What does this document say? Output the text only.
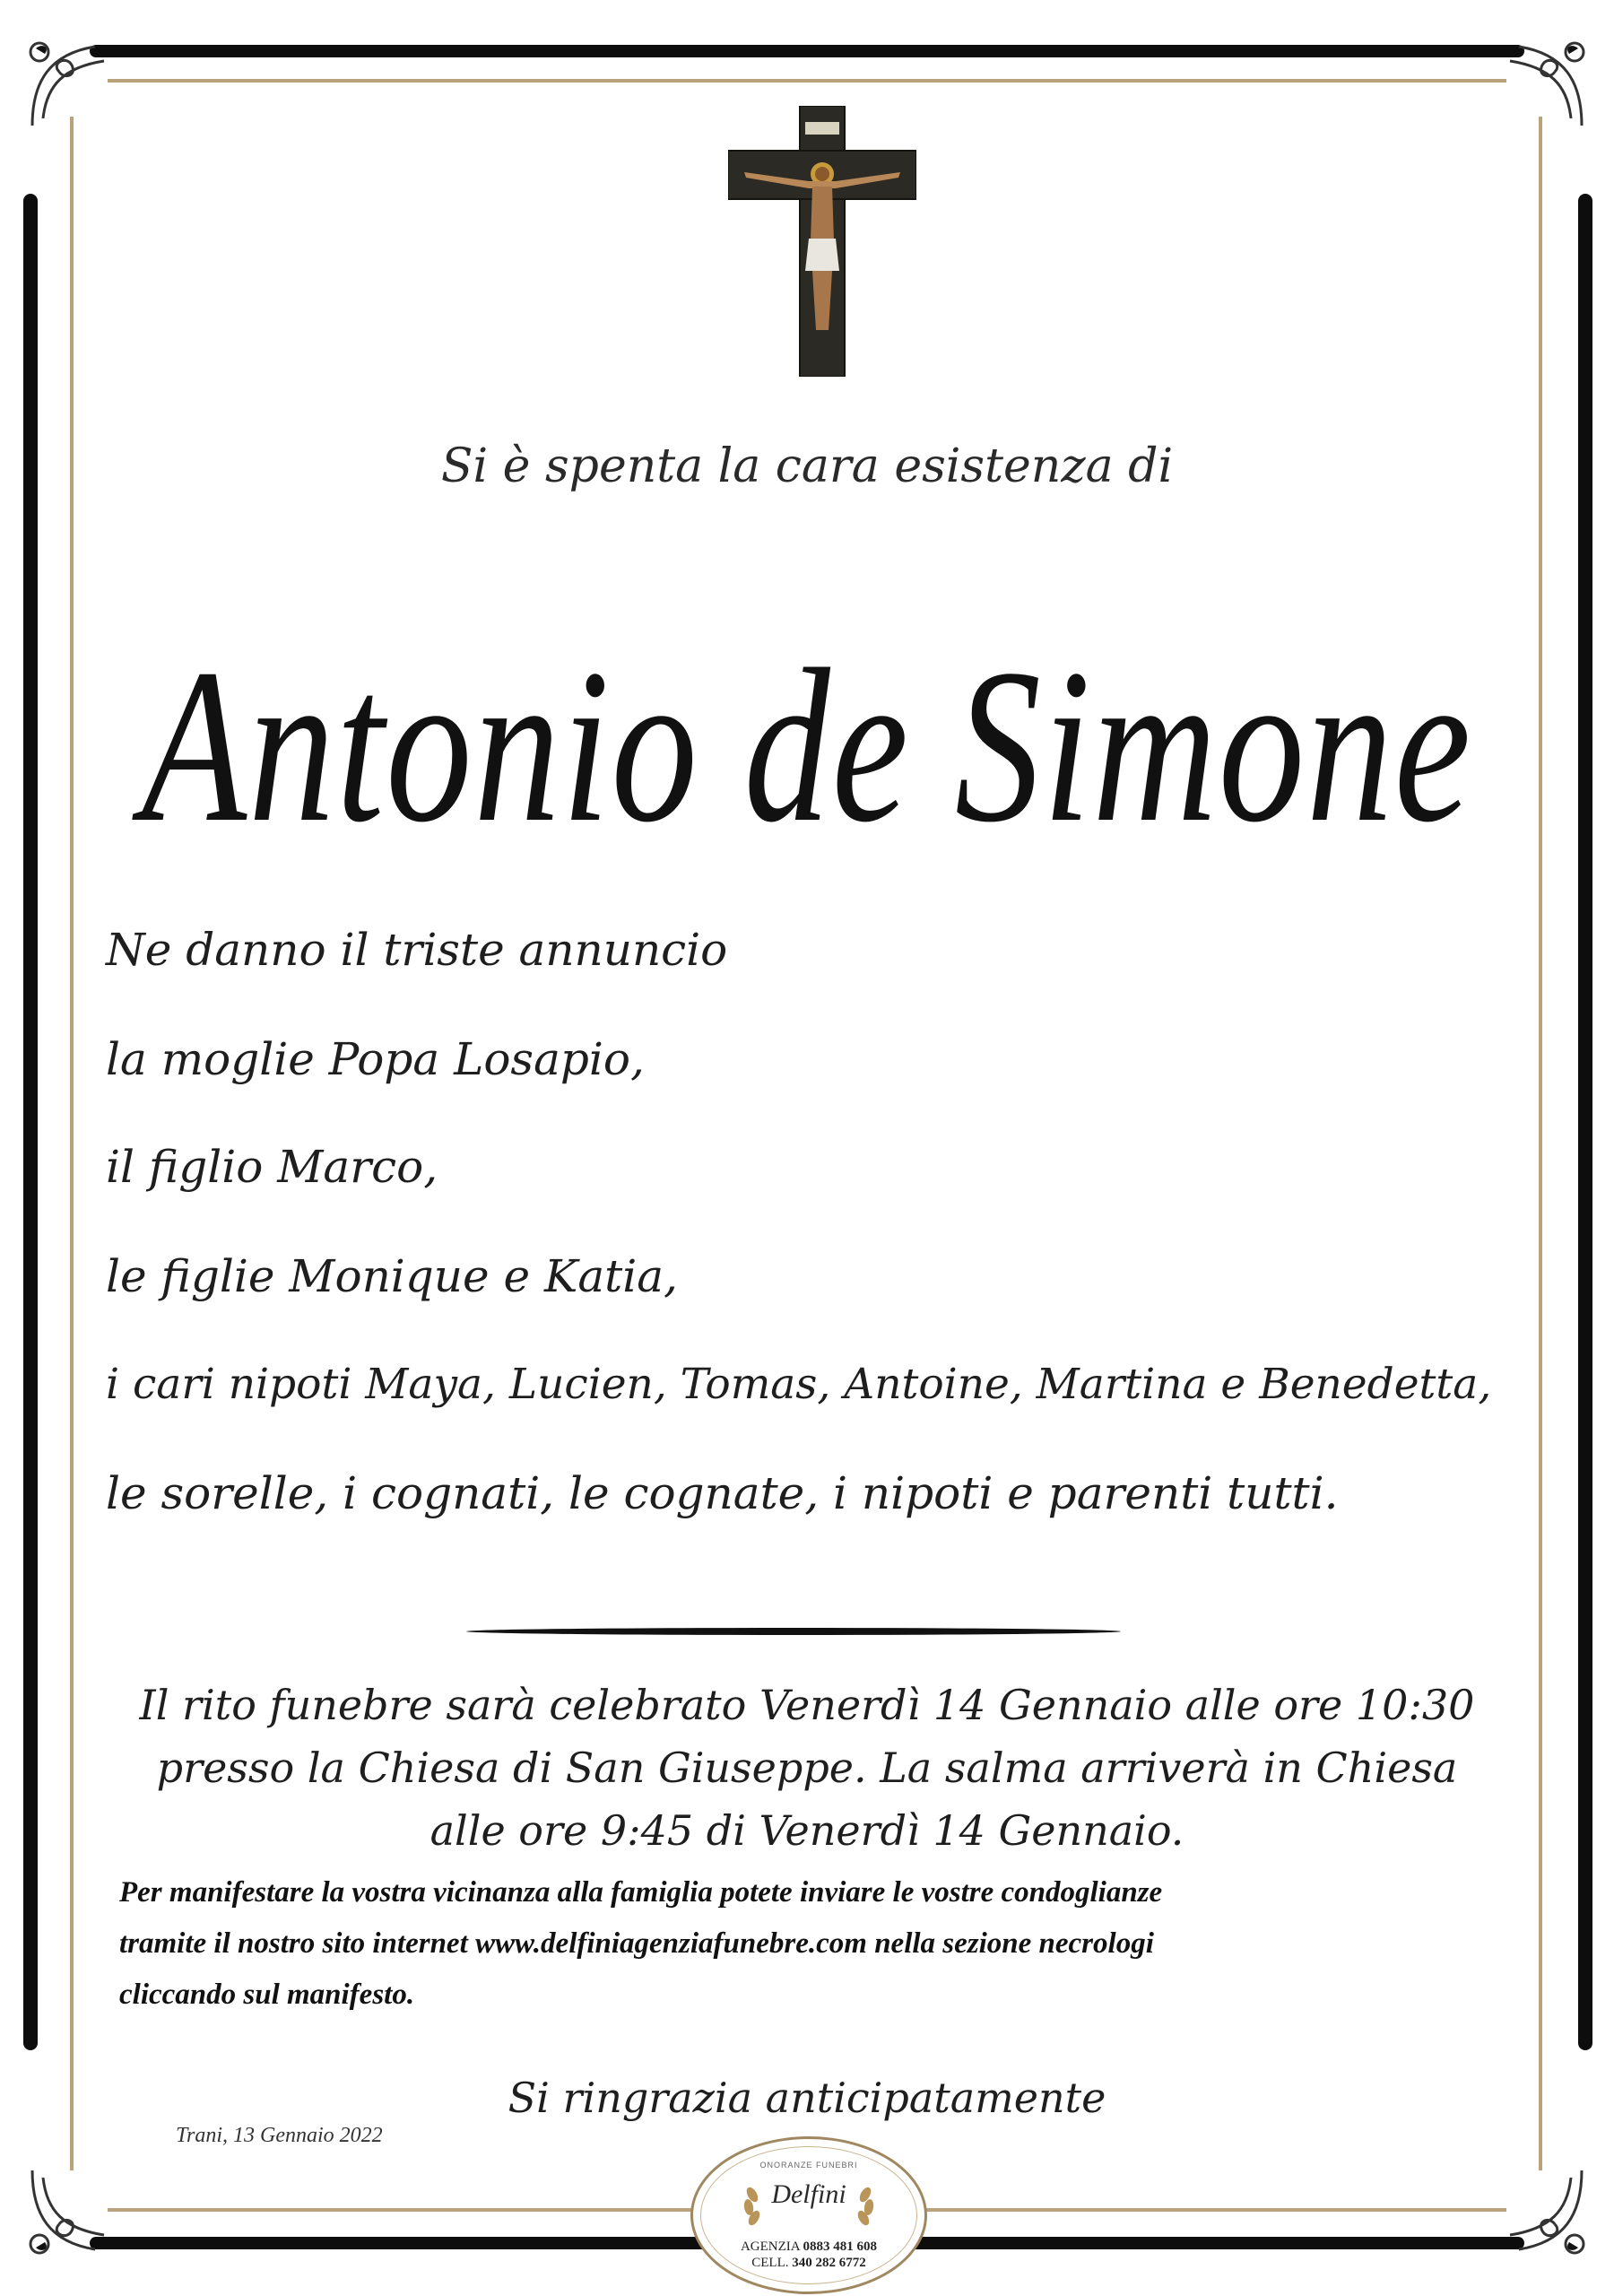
Si è spenta la cara esistenza di
Antonio de Simone
Ne danno il triste annuncio
la moglie Popa Losapio,
il figlio Marco,
le figlie Monique e Katia,
i cari nipoti Maya, Lucien, Tomas, Antoine, Martina e Benedetta,
le sorelle, i cognati, le cognate, i nipoti e parenti tutti.
Il rito funebre sarà celebrato Venerdì 14 Gennaio alle ore 10:30
presso la Chiesa di San Giuseppe. La salma arriverà in Chiesa
alle ore 9:45 di Venerdì 14 Gennaio.
Per manifestare la vostra vicinanza alla famiglia potete inviare le vostre condoglianze
tramite il nostro sito internet www.delfiniagenziafunebre.com nella sezione necrologi
cliccando sul manifesto.
Si ringrazia anticipatamente
Trani, 13 Gennaio 2022
ONORANZE FUNEBRI
Delfini
AGENZIA 0883 481 608
CELL. 340 282 6772
